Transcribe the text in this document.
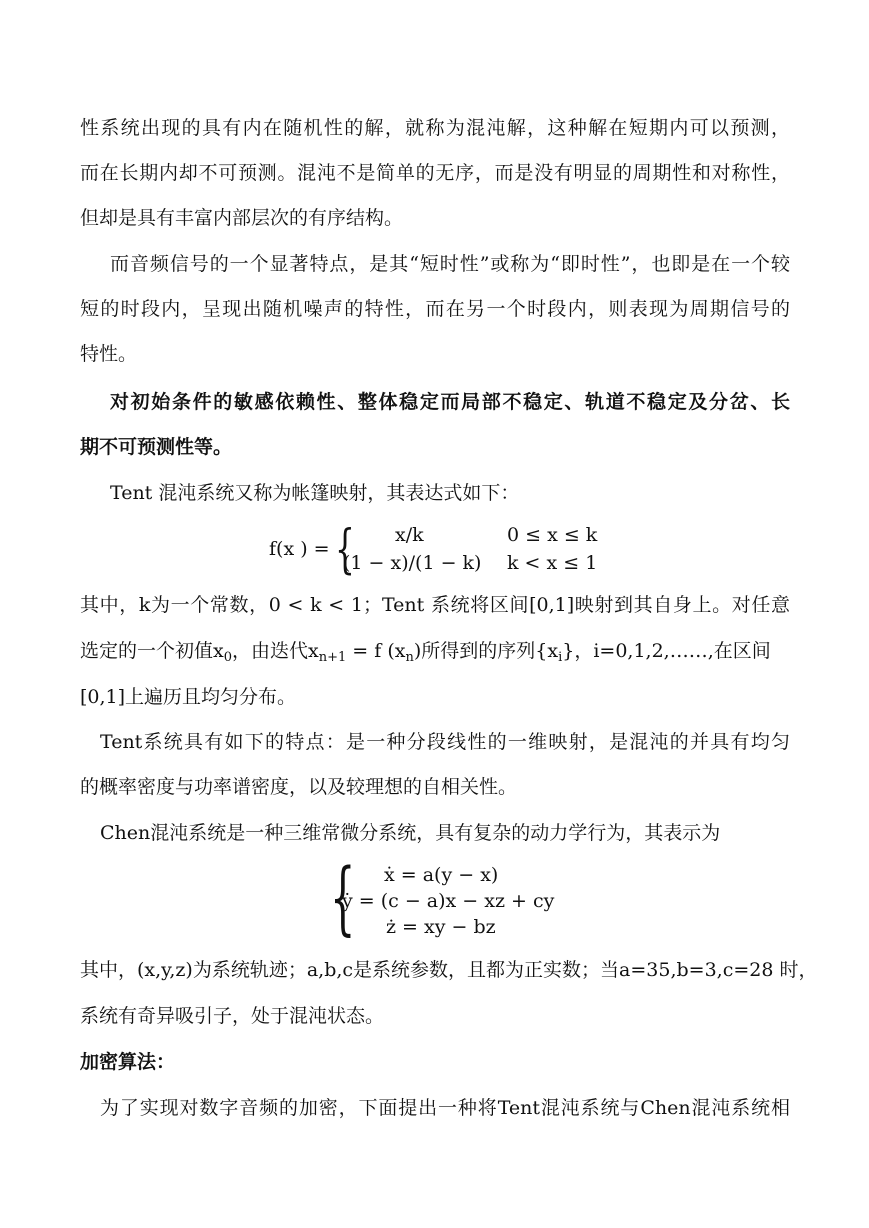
性系统出现的具有内在随机性的解，就称为混沌解，这种解在短期内可以预测，
而在长期内却不可预测。混沌不是简单的无序，而是没有明显的周期性和对称性，
但却是具有丰富内部层次的有序结构。
而音频信号的一个显著特点，是其“短时性”或称为“即时性”，也即是在一个较
短的时段内，呈现出随机噪声的特性，而在另一个时段内，则表现为周期信号的
特性。
对初始条件的敏感依赖性、整体稳定而局部不稳定、轨道不稳定及分岔、长
期不可预测性等。
Tent 混沌系统又称为帐篷映射，其表达式如下：
f(x ) = { x/k	0 ≤ x ≤ k
(1 − x)/(1 − k) k < x ≤ 1
其中，k为一个常数，0 < k < 1；Tent 系统将区间[0,1]映射到其自身上。对任意
选定的一个初值$x_0$，由迭代$x_{n+1} = f$ $(x_n)$所得到的序列$\{x_i\}$，i=0,1,2,……,在区间
[0,1]上遍历且均匀分布。
Tent系统具有如下的特点：是一种分段线性的一维映射，是混沌的并具有均匀
的概率密度与功率谱密度，以及较理想的自相关性。
Chen混沌系统是一种三维常微分系统，具有复杂的动力学行为，其表示为
{ ẋ = a(y − x)
ẏ = (c − a)x − xz + cy
ż = xy − bz
其中，(x,y,z)为系统轨迹；a,b,c是系统参数，且都为正实数；当a=35,b=3,c=28 时，
系统有奇异吸引子，处于混沌状态。
加密算法：
为了实现对数字音频的加密，下面提出一种将Tent混沌系统与Chen混沌系统相
